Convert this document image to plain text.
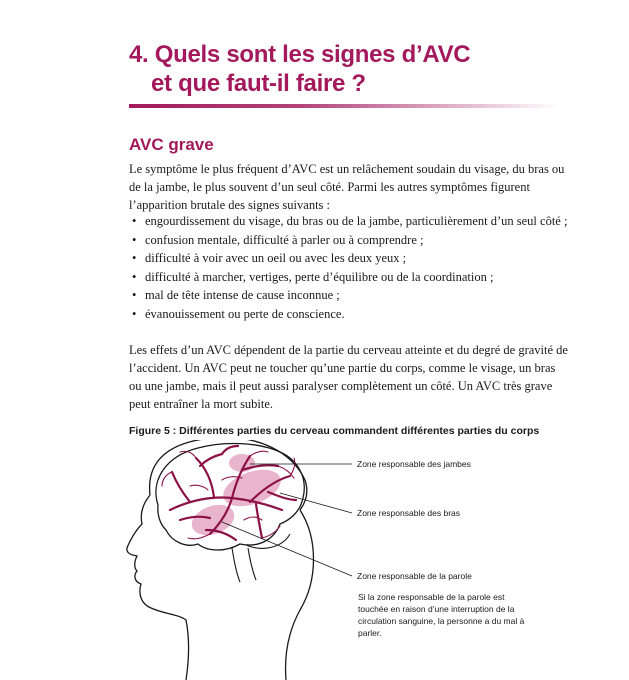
4. Quels sont les signes d’AVC
et que faut-il faire ?
AVC grave

Le symptôme le plus fréquent d’AVC est un relâchement soudain du visage, du bras ou de la jambe, le plus souvent d’un seul côté. Parmi les autres symptômes figurent l’apparition brutale des signes suivants :

• engourdissement du visage, du bras ou de la jambe, particulièrement d’un seul côté ;
• confusion mentale, difficulté à parler ou à comprendre ;
• difficulté à voir avec un oeil ou avec les deux yeux ;
• difficulté à marcher, vertiges, perte d’équilibre ou de la coordination ;
• mal de tête intense de cause inconnue ;
• évanouissement ou perte de conscience.

Les effets d’un AVC dépendent de la partie du cerveau atteinte et du degré de gravité de l’accident. Un AVC peut ne toucher qu’une partie du corps, comme le visage, un bras ou une jambe, mais il peut aussi paralyser complètement un côté. Un AVC très grave peut entraîner la mort subite.

Figure 5 : Différentes parties du cerveau commandent différentes parties du corps

Zone responsable des jambes
Zone responsable des bras
Zone responsable de la parole

Si la zone responsable de la parole est touchée en raison d’une interruption de la circulation sanguine, la personne a du mal à parler.
